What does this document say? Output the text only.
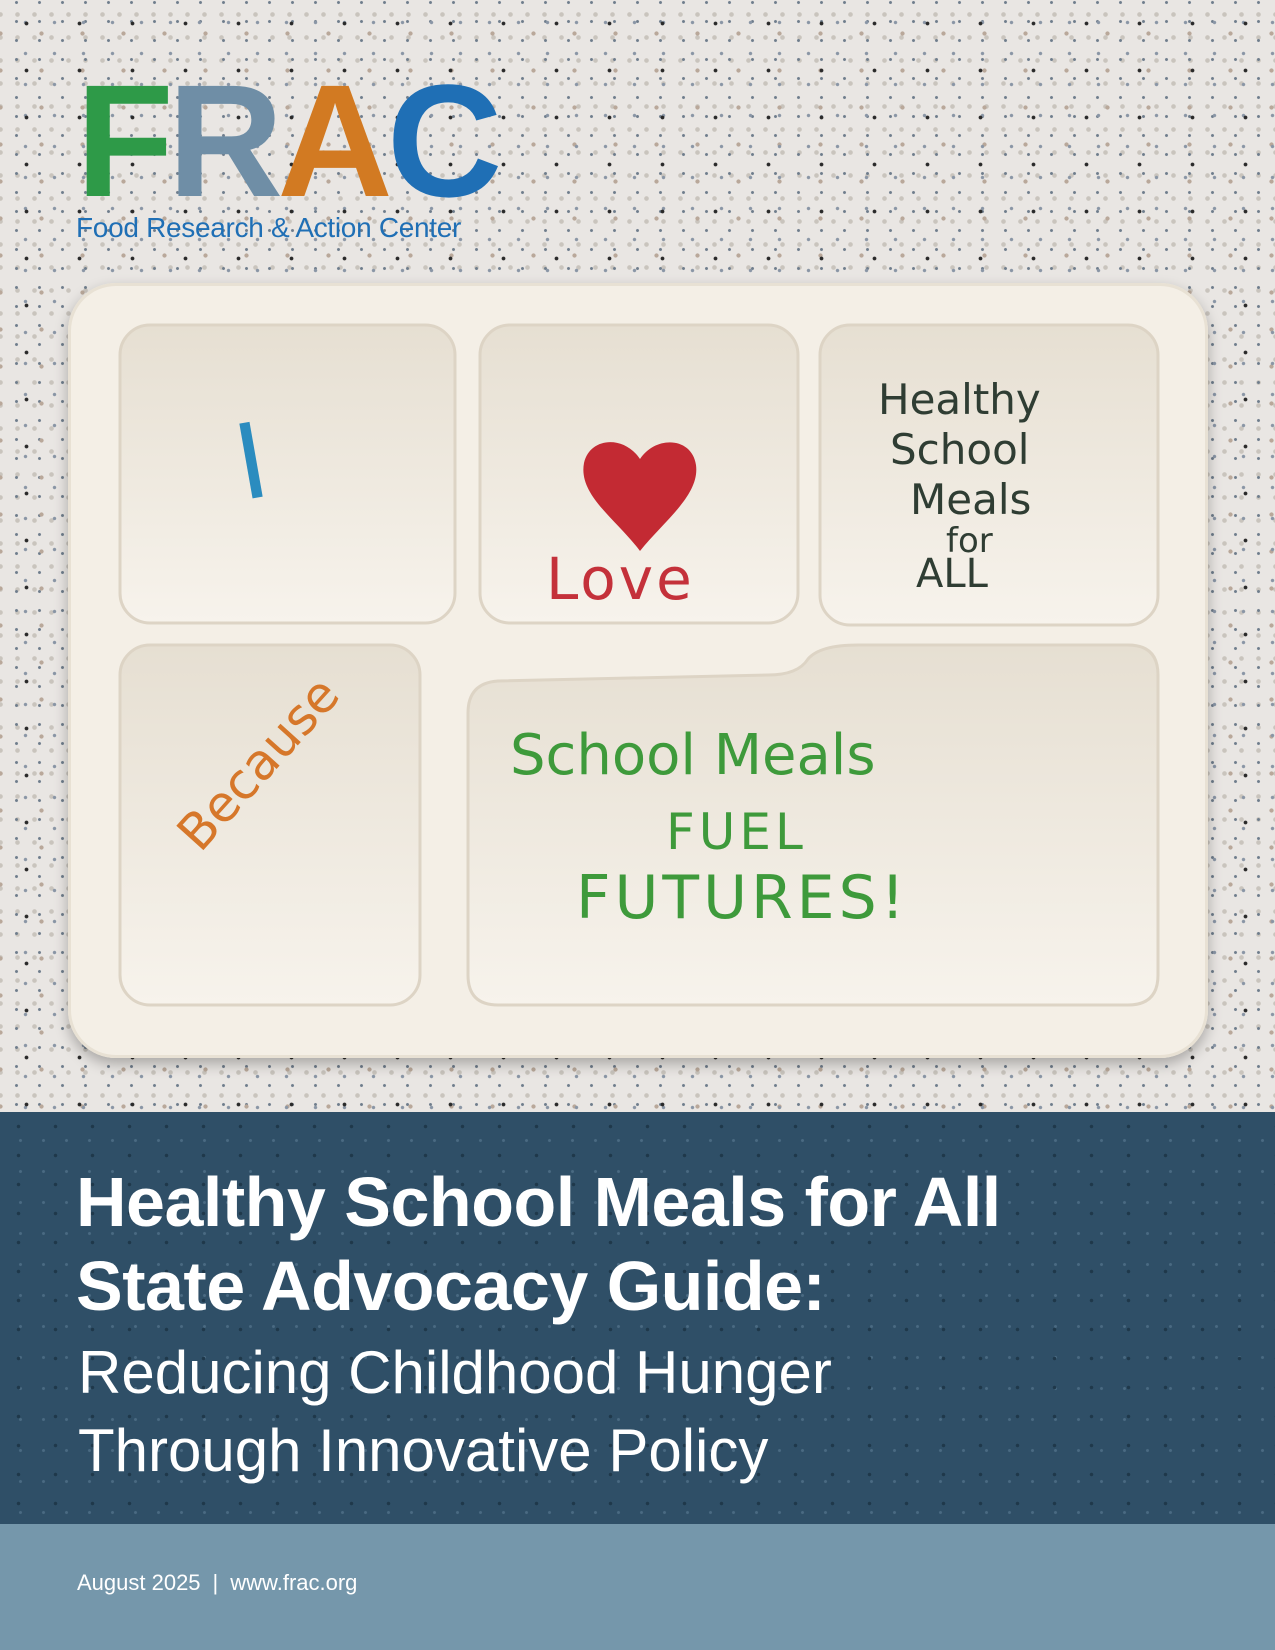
FRAC
Food Research & Action Center
I
Love
Healthy
School
Meals
for
ALL
Because	School Meals
FUEL
FUTURES!
Healthy School Meals for All
State Advocacy Guide:
Reducing Childhood Hunger
Through Innovative Policy
August 2025 | www.frac.org
